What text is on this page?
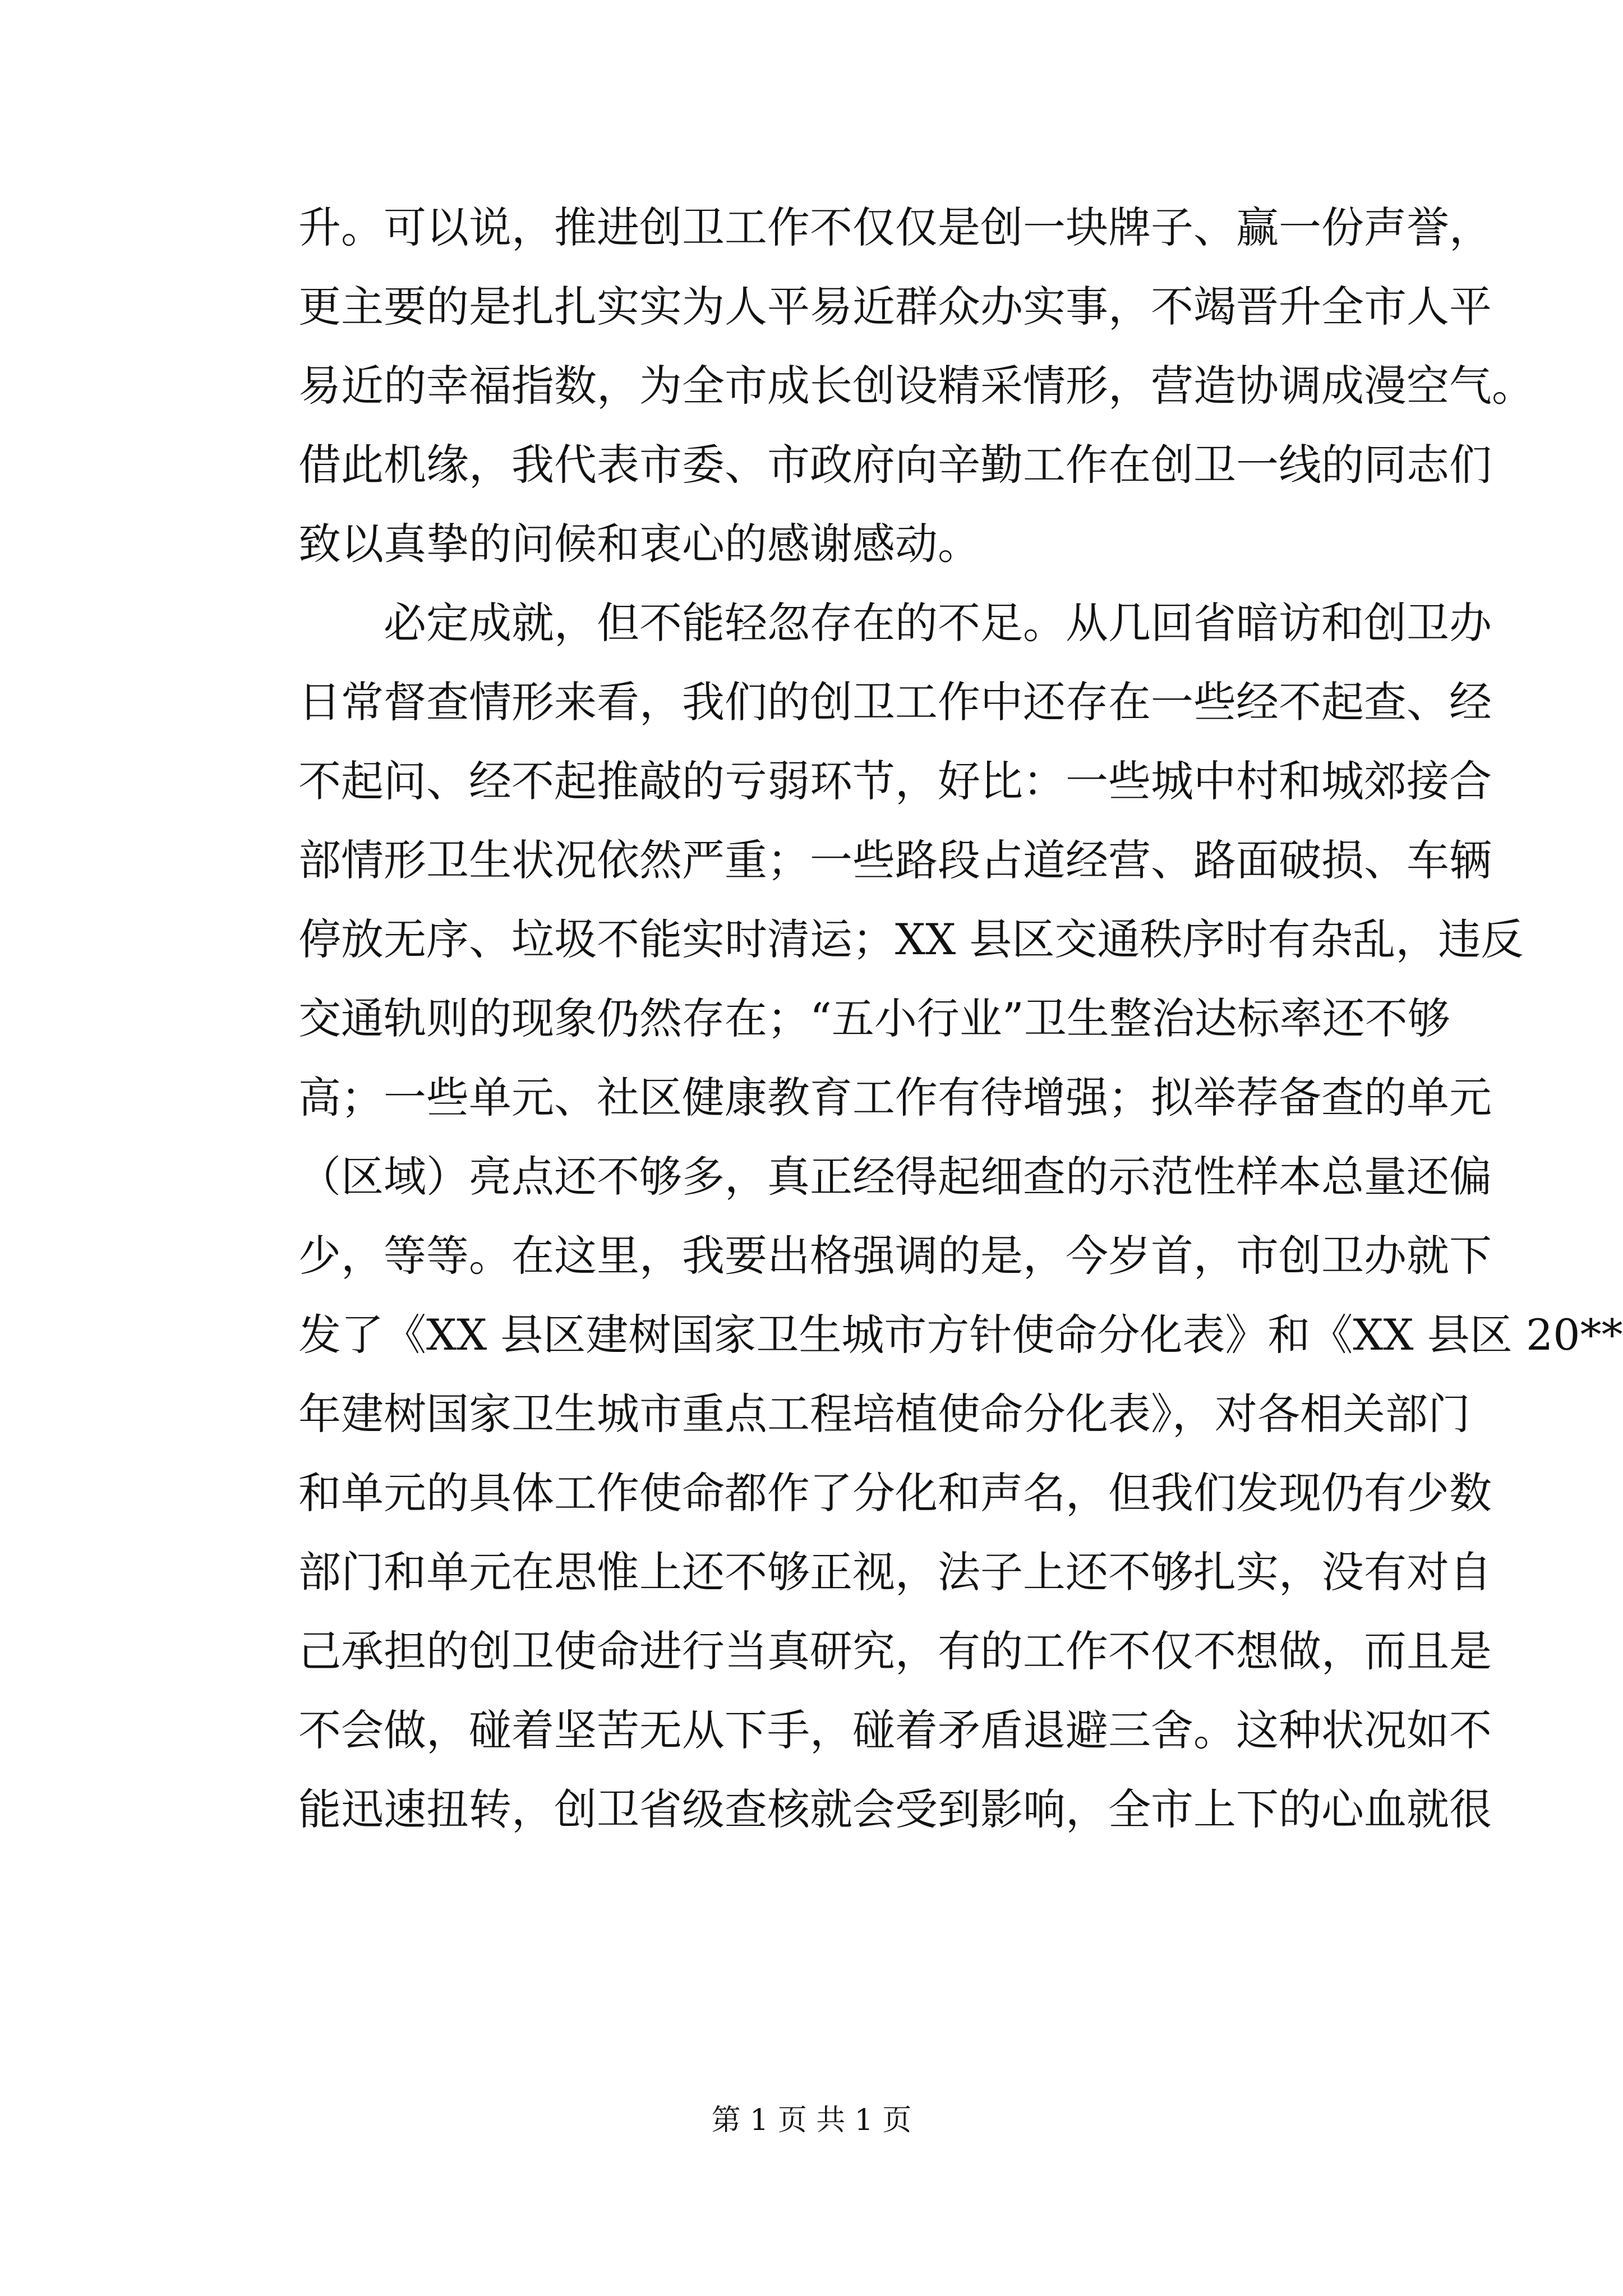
升。可以说，推进创卫工作不仅仅是创一块牌子、赢一份声誉，
更主要的是扎扎实实为人平易近群众办实事，不竭晋升全市人平
易近的幸福指数，为全市成长创设精采情形，营造协调成漫空气。
借此机缘，我代表市委、市政府向辛勤工作在创卫一线的同志们
致以真挚的问候和衷心的感谢感动。
必定成就，但不能轻忽存在的不足。从几回省暗访和创卫办
日常督查情形来看，我们的创卫工作中还存在一些经不起查、经
不起问、经不起推敲的亏弱环节，好比：一些城中村和城郊接合
部情形卫生状况依然严重；一些路段占道经营、路面破损、车辆
停放无序、垃圾不能实时清运；XX 县区交通秩序时有杂乱，违反
交通轨则的现象仍然存在；“五小行业”卫生整治达标率还不够
高；一些单元、社区健康教育工作有待增强；拟举荐备查的单元
（区域）亮点还不够多，真正经得起细查的示范性样本总量还偏
少，等等。在这里，我要出格强调的是，今岁首，市创卫办就下
发了《XX 县区建树国家卫生城市方针使命分化表》和《XX 县区 20**
年建树国家卫生城市重点工程培植使命分化表》，对各相关部门
和单元的具体工作使命都作了分化和声名，但我们发现仍有少数
部门和单元在思惟上还不够正视，法子上还不够扎实，没有对自
己承担的创卫使命进行当真研究，有的工作不仅不想做，而且是
不会做，碰着坚苦无从下手，碰着矛盾退避三舍。这种状况如不
能迅速扭转，创卫省级查核就会受到影响，全市上下的心血就很
第 1 页 共 1 页
